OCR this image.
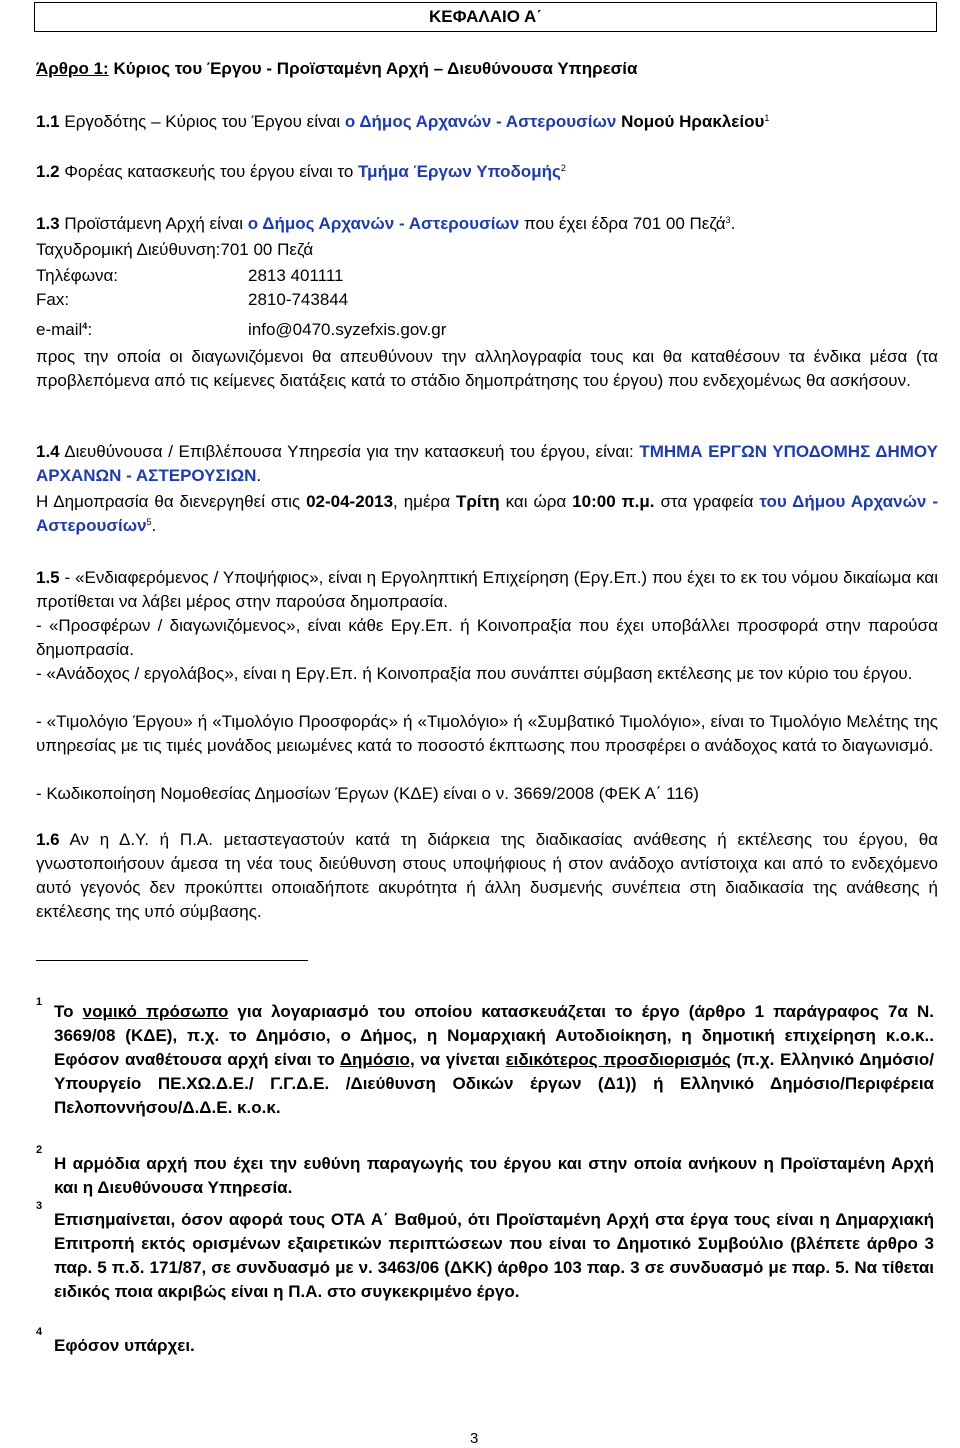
ΚΕΦΑΛΑΙΟ Α΄
Άρθρο 1: Κύριος του Έργου - Προϊσταμένη Αρχή – Διευθύνουσα Υπηρεσία
1.1 Εργοδότης – Κύριος του Έργου είναι ο Δήμος Αρχανών - Αστερουσίων Νομού Ηρακλείου$^1$
1.2 Φορέας κατασκευής του έργου είναι το Τμήμα Έργων Υποδομής$^2$
1.3 Προϊστάμενη Αρχή είναι ο Δήμος Αρχανών - Αστερουσίων που έχει έδρα 701 00 Πεζά$^3$.
Ταχυδρομική Διεύθυνση:701 00 Πεζά
Τηλέφωνα:	2813 401111
Fax:	2810-743844
e-mail$^4$:	info@0470.syzefxis.gov.gr
προς την οποία οι διαγωνιζόμενοι θα απευθύνουν την αλληλογραφία τους και θα καταθέσουν τα ένδικα μέσα (τα προβλεπόμενα από τις κείμενες διατάξεις κατά το στάδιο δημοπράτησης του έργου) που ενδεχομένως θα ασκήσουν.
1.4 Διευθύνουσα / Επιβλέπουσα Υπηρεσία για την κατασκευή του έργου, είναι: ΤΜΗΜΑ ΕΡΓΩΝ ΥΠΟΔΟΜΗΣ ΔΗΜΟΥ ΑΡΧΑΝΩΝ - ΑΣΤΕΡΟΥΣΙΩΝ.
Η Δημοπρασία θα διενεργηθεί στις 02-04-2013, ημέρα Τρίτη και ώρα 10:00 π.μ. στα γραφεία του Δήμου Αρχανών - Αστερουσίων$^5$.
1.5 - «Ενδιαφερόμενος / Υποψήφιος», είναι η Εργοληπτική Επιχείρηση (Εργ.Επ.) που έχει το εκ του νόμου δικαίωμα και προτίθεται να λάβει μέρος στην παρούσα δημοπρασία.
- «Προσφέρων / διαγωνιζόμενος», είναι κάθε Εργ.Επ. ή Κοινοπραξία που έχει υποβάλλει προσφορά στην παρούσα δημοπρασία.
- «Ανάδοχος / εργολάβος», είναι η Εργ.Επ. ή Κοινοπραξία που συνάπτει σύμβαση εκτέλεσης με τον κύριο του έργου.
- «Τιμολόγιο Έργου» ή «Τιμολόγιο Προσφοράς» ή «Τιμολόγιο» ή «Συμβατικό Τιμολόγιο», είναι το Τιμολόγιο Μελέτης της υπηρεσίας με τις τιμές μονάδος μειωμένες κατά το ποσοστό έκπτωσης που προσφέρει ο ανάδοχος κατά το διαγωνισμό.
- Κωδικοποίηση Νομοθεσίας Δημοσίων Έργων (ΚΔΕ) είναι ο ν. 3669/2008 (ΦΕΚ Α΄ 116)
1.6 Αν η Δ.Υ. ή Π.Α. μεταστεγαστούν κατά τη διάρκεια της διαδικασίας ανάθεσης ή εκτέλεσης του έργου, θα γνωστοποιήσουν άμεσα τη νέα τους διεύθυνση στους υποψήφιους ή στον ανάδοχο αντίστοιχα και από το ενδεχόμενο αυτό γεγονός δεν προκύπτει οποιαδήποτε ακυρότητα ή άλλη δυσμενής συνέπεια στη διαδικασία της ανάθεσης ή εκτέλεσης της υπό σύμβασης.
1 Το νομικό πρόσωπο για λογαριασμό του οποίου κατασκευάζεται το έργο (άρθρο 1 παράγραφος 7α Ν. 3669/08 (ΚΔΕ), π.χ. το Δημόσιο, ο Δήμος, η Νομαρχιακή Αυτοδιοίκηση, η δημοτική επιχείρηση κ.ο.κ.. Εφόσον αναθέτουσα αρχή είναι το Δημόσιο, να γίνεται ειδικότερος προσδιορισμός (π.χ. Ελληνικό Δημόσιο/Υπουργείο ΠΕ.ΧΩ.Δ.Ε./ Γ.Γ.Δ.Ε. /Διεύθυνση Οδικών έργων (Δ1)) ή Ελληνικό Δημόσιο/Περιφέρεια Πελοποννήσου/Δ.Δ.Ε. κ.ο.κ.
2
Η αρμόδια αρχή που έχει την ευθύνη παραγωγής του έργου και στην οποία ανήκουν η Προϊσταμένη Αρχή και η Διευθύνουσα Υπηρεσία.
3
Επισημαίνεται, όσον αφορά τους ΟΤΑ Α΄ Βαθμού, ότι Προϊσταμένη Αρχή στα έργα τους είναι η Δημαρχιακή Επιτροπή εκτός ορισμένων εξαιρετικών περιπτώσεων που είναι το Δημοτικό Συμβούλιο (βλέπετε άρθρο 3 παρ. 5 π.δ. 171/87, σε συνδυασμό με ν. 3463/06 (ΔΚΚ) άρθρο 103 παρ. 3 σε συνδυασμό με παρ. 5. Να τίθεται ειδικός ποια ακριβώς είναι η Π.Α. στο συγκεκριμένο έργο.
4
Εφόσον υπάρχει.
3
